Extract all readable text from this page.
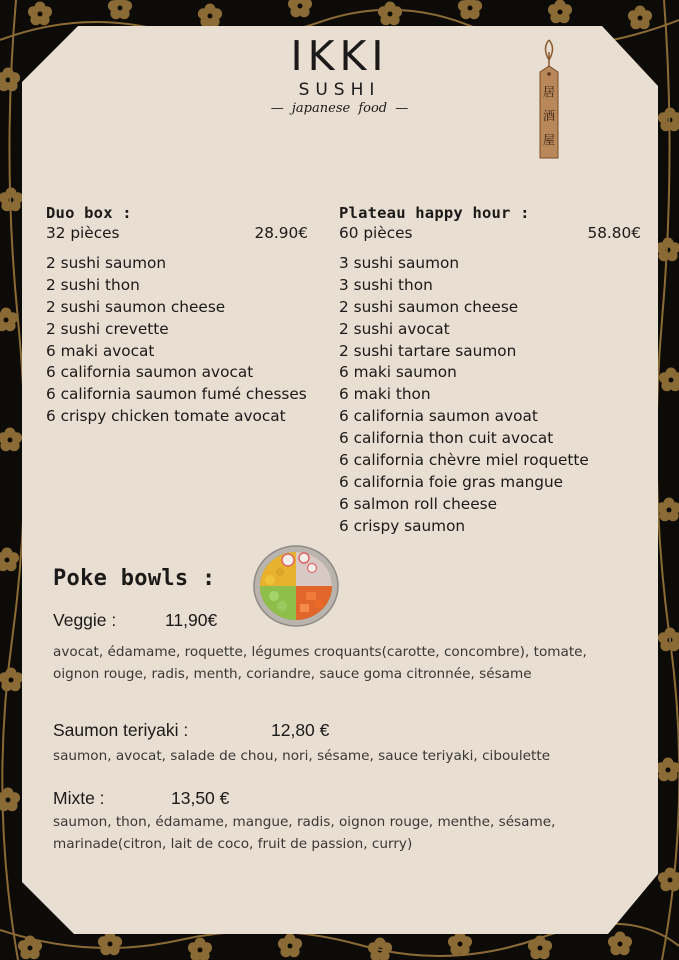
IKKI
SUSHI
— japanese food —
居
酒
屋
Duo box :
32 pièces	28.90€
2 sushi saumon
2 sushi thon
2 sushi saumon cheese
2 sushi crevette
6 maki avocat
6 california saumon avocat
6 california saumon fumé chesses
6 crispy chicken tomate avocat
Plateau happy hour :
60 pièces	58.80€
3 sushi saumon
3 sushi thon
2 sushi saumon cheese
2 sushi avocat
2 sushi tartare saumon
6 maki saumon
6 maki thon
6 california saumon avoat
6 california thon cuit avocat
6 california chèvre miel roquette
6 california foie gras mangue
6 salmon roll cheese
6 crispy saumon
Poke bowls :
Veggie :	11,90€
avocat, édamame, roquette, légumes croquants(carotte, concombre), tomate, oignon rouge, radis, menth, coriandre, sauce goma citronnée, sésame
Saumon teriyaki :	12,80 €
saumon, avocat, salade de chou, nori, sésame, sauce teriyaki, ciboulette
Mixte :	13,50 €
saumon, thon, édamame, mangue, radis, oignon rouge, menthe, sésame, marinade(citron, lait de coco, fruit de passion, curry)
